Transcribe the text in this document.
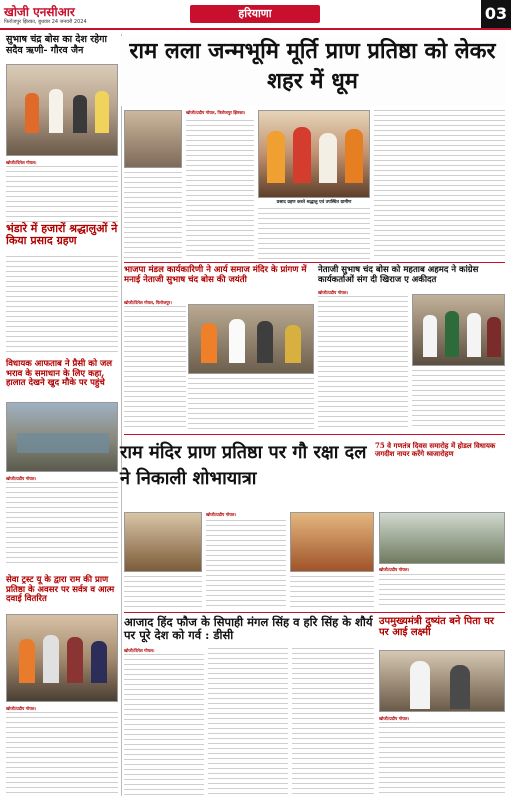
खोजी एनसीआर
फिरोजपुर झिरका, बुधवार 24 जनवरी 2024
हरियाणा	03
सुभाष चंद्र बोस का देश रहेगा सदैव ऋणी- गौरव जैन

खोजी/दिनेश गोयल।

भंडारे में हजारों श्रद्धालुओं ने किया प्रसाद ग्रहण
विधायक आफताब ने प्रैसी को जल भराव के समाधान के लिए कहा, हालात देखने खुद मौके पर पहुंचे

खोजी/प्रदीप गोयल।

सेवा ट्रस्ट यू के द्वारा राम की प्राण प्रतिष्ठा के अवसर पर सर्वत्र व आत्म दवाई वितरित

खोजी/प्रदीप गोयल।

राम लला जन्मभूमि मूर्ति प्राण प्रतिष्ठा को लेकर शहर में धूम

खोजी/प्रदीप गोयल, फिरोजपुर झिरका।

प्रसाद ग्रहण करते श्रद्धालु एवं उपस्थित ग्रामीण
भाजपा मंडल कार्यकारिणी ने आर्य समाज मंदिर के प्रांगण में मनाई नेताजी सुभाष चंद बोस की जयंती

खोजी/दिनेश गोयल, फिरोजपुर।

नेताजी सुभाष चंद बोस को महताब अहमद ने कांग्रेस कार्यकर्ताओं संग दी खिराज ए अकीदत

खोजी/प्रदीप गोयल।

राम मंदिर प्राण प्रतिष्ठा पर गौ रक्षा दल ने निकाली शोभायात्रा
75 वे गणतंत्र दिवस समारोह में होडल विधायक जगदीश नायर करेंगे ध्वजारोहण

खोजी/प्रदीप गोयल।

खोजी/प्रदीप गोयल।

आजाद हिंद फौज के सिपाही मंगल सिंह व हरि सिंह के शौर्य पर पूरे देश को गर्व : डीसी

खोजी/दिनेश गोयल।

उपमुख्यमंत्री दुष्यंत बने पिता घर पर आई लक्ष्मी

खोजी/प्रदीप गोयल।
